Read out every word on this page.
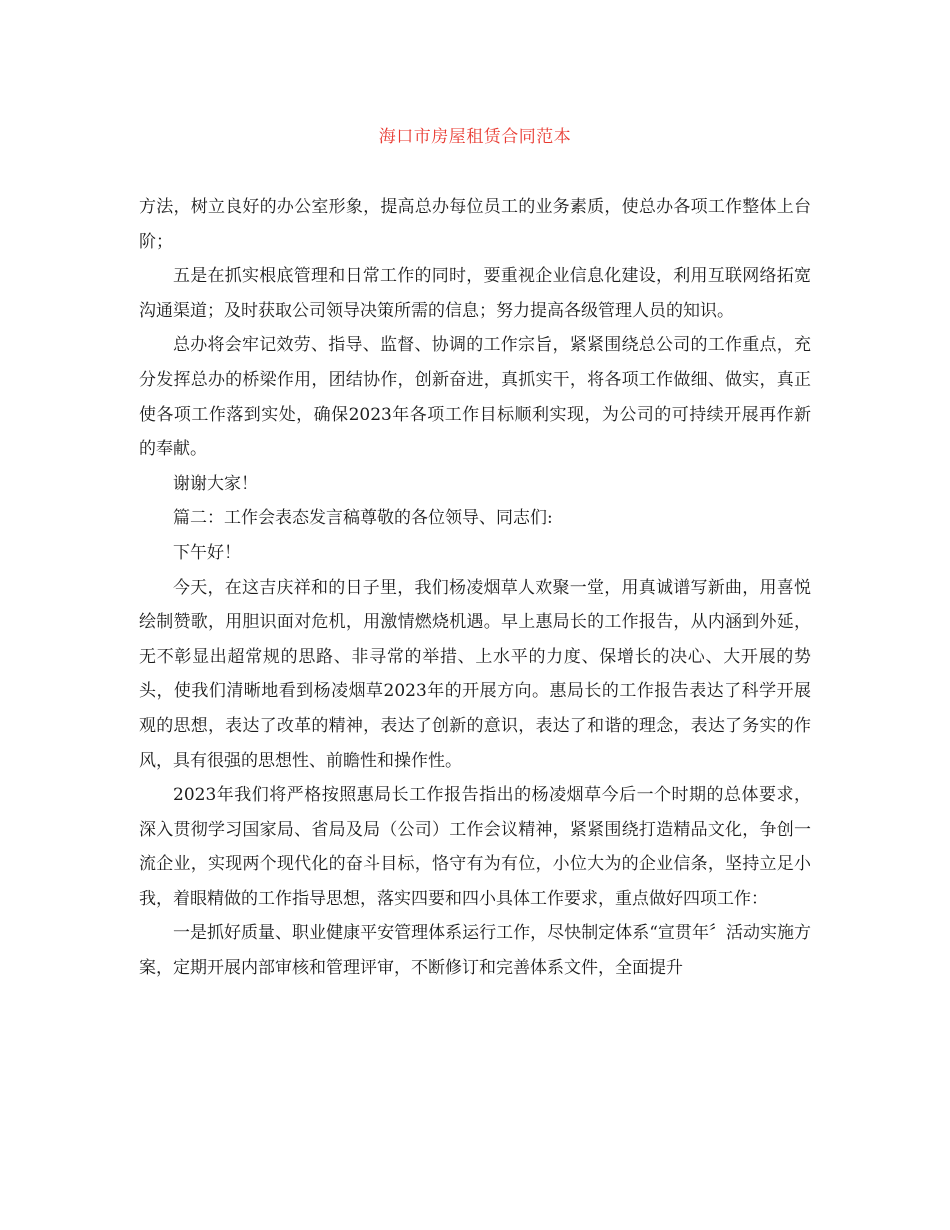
海口市房屋租赁合同范本

方法，树立良好的办公室形象，提高总办每位员工的业务素质，使总办各项工作整体上台阶；

五是在抓实根底管理和日常工作的同时，要重视企业信息化建设，利用互联网络拓宽沟通渠道；及时获取公司领导决策所需的信息；努力提高各级管理人员的知识。

总办将会牢记效劳、指导、监督、协调的工作宗旨，紧紧围绕总公司的工作重点，充分发挥总办的桥梁作用，团结协作，创新奋进，真抓实干，将各项工作做细、做实，真正使各项工作落到实处，确保2023年各项工作目标顺利实现，为公司的可持续开展再作新的奉献。

谢谢大家！

篇二：工作会表态发言稿尊敬的各位领导、同志们:

下午好！

今天，在这吉庆祥和的日子里，我们杨凌烟草人欢聚一堂，用真诚谱写新曲，用喜悦绘制赞歌，用胆识面对危机，用激情燃烧机遇。早上惠局长的工作报告，从内涵到外延，无不彰显出超常规的思路、非寻常的举措、上水平的力度、保增长的决心、大开展的势头，使我们清晰地看到杨凌烟草2023年的开展方向。惠局长的工作报告表达了科学开展观的思想，表达了改革的精神，表达了创新的意识，表达了和谐的理念，表达了务实的作风，具有很强的思想性、前瞻性和操作性。

2023年我们将严格按照惠局长工作报告指出的杨凌烟草今后一个时期的总体要求，深入贯彻学习国家局、省局及局（公司）工作会议精神，紧紧围绕打造精品文化，争创一流企业，实现两个现代化的奋斗目标，恪守有为有位，小位大为的企业信条，坚持立足小我，着眼精做的工作指导思想，落实四要和四小具体工作要求，重点做好四项工作：

一是抓好质量、职业健康平安管理体系运行工作，尽快制定体系“宣贯年〞活动实施方案，定期开展内部审核和管理评审，不断修订和完善体系文件，全面提升
